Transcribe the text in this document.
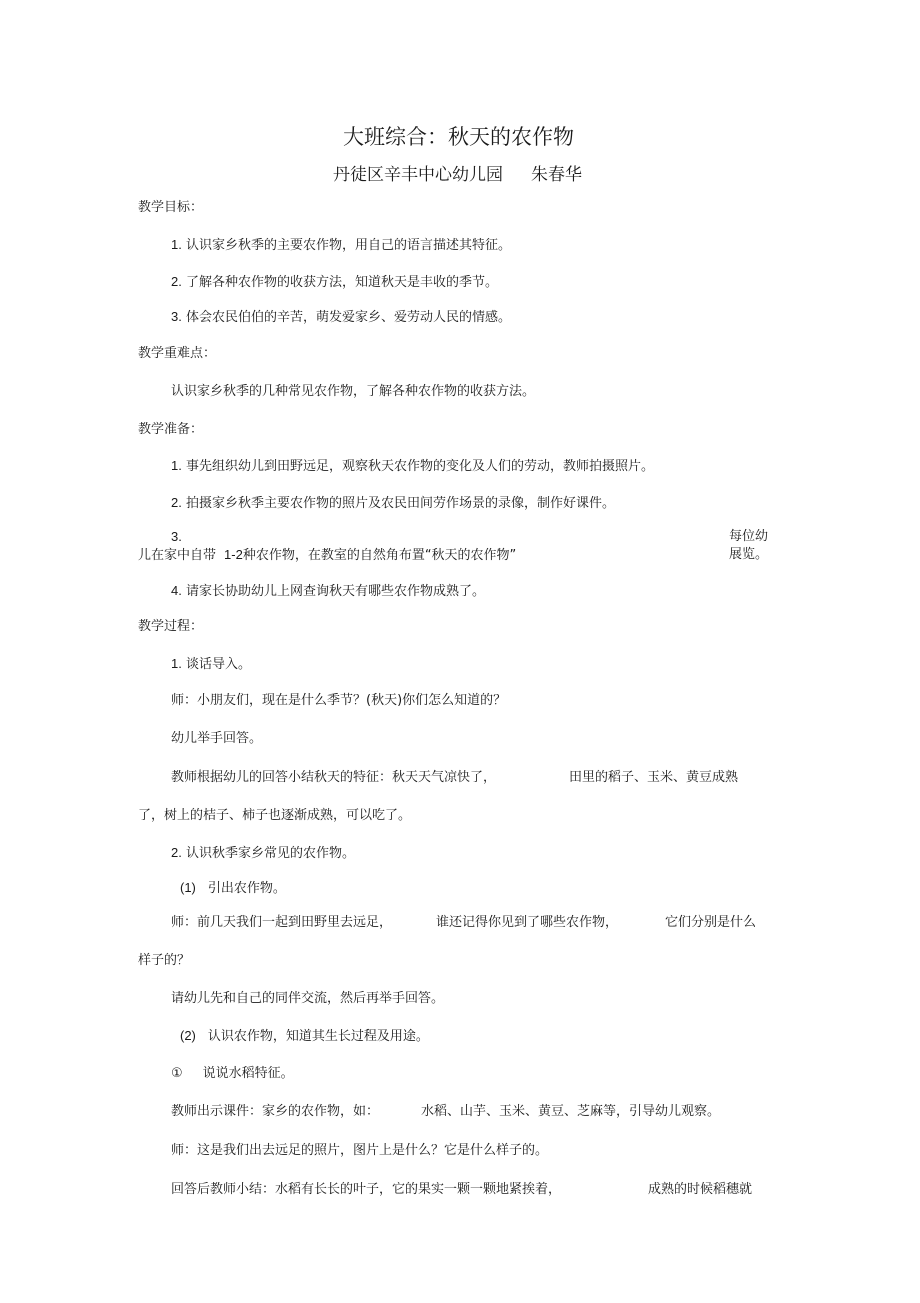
大班综合：秋天的农作物
丹徒区辛丰中心幼儿园 朱春华
教学目标：
1. 认识家乡秋季的主要农作物，用自己的语言描述其特征。
2. 了解各种农作物的收获方法，知道秋天是丰收的季节。
3. 体会农民伯伯的辛苦，萌发爱家乡、爱劳动人民的情感。
教学重难点：
认识家乡秋季的几种常见农作物，了解各种农作物的收获方法。
教学准备：
1. 事先组织幼儿到田野远足，观察秋天农作物的变化及人们的劳动，教师拍摄照片。
2. 拍摄家乡秋季主要农作物的照片及农民田间劳作场景的录像，制作好课件。
3.	每位幼
儿在家中自带 1-2种农作物，在教室的自然角布置“秋天的农作物”	展览。
4. 请家长协助幼儿上网查询秋天有哪些农作物成熟了。
教学过程：
1. 谈话导入。
师：小朋友们，现在是什么季节？(秋天)你们怎么知道的？
幼儿举手回答。
教师根据幼儿的回答小结秋天的特征：秋天天气凉快了，	田里的稻子、玉米、黄豆成熟
了，树上的桔子、柿子也逐渐成熟，可以吃了。
2. 认识秋季家乡常见的农作物。
(1) 引出农作物。
师：前几天我们一起到田野里去远足，	谁还记得你见到了哪些农作物，	它们分别是什么
样子的？
请幼儿先和自己的同伴交流，然后再举手回答。
(2) 认识农作物，知道其生长过程及用途。
① 说说水稻特征。
教师出示课件：家乡的农作物，如：	水稻、山芋、玉米、黄豆、芝麻等，引导幼儿观察。
师：这是我们出去远足的照片，图片上是什么？它是什么样子的。
回答后教师小结：水稻有长长的叶子，它的果实一颗一颗地紧挨着，	成熟的时候稻穗就
